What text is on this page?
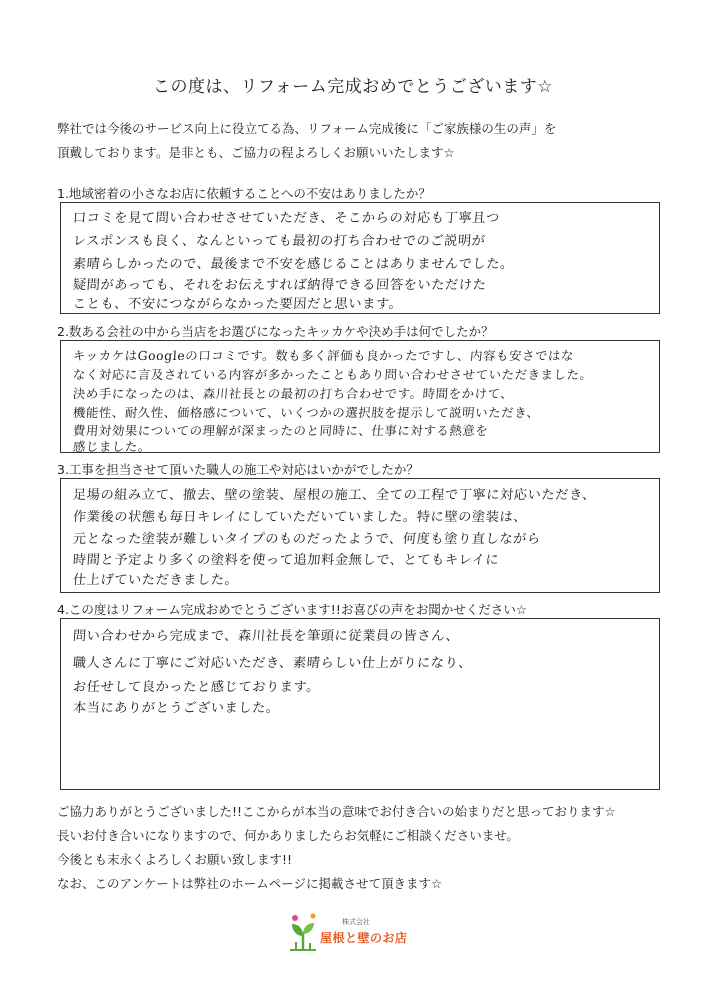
この度は、リフォーム完成おめでとうございます☆
弊社では今後のサービス向上に役立てる為、リフォーム完成後に「ご家族様の生の声」を
頂戴しております。是非とも、ご協力の程よろしくお願いいたします☆
1.地域密着の小さなお店に依頼することへの不安はありましたか？
口コミを見て問い合わせさせていただき、そこからの対応も丁寧且つ
レスポンスも良く、なんといっても最初の打ち合わせでのご説明が
素晴らしかったので、最後まで不安を感じることはありませんでした。
疑問があっても、それをお伝えすれば納得できる回答をいただけた
ことも、不安につながらなかった要因だと思います。
2.数ある会社の中から当店をお選びになったキッカケや決め手は何でしたか？
キッカケはGoogleの口コミです。数も多く評価も良かったですし、内容も安さではな
なく対応に言及されている内容が多かったこともあり問い合わせさせていただきました。
決め手になったのは、森川社長との最初の打ち合わせです。時間をかけて、
機能性、耐久性、価格感について、いくつかの選択肢を提示して説明いただき、
費用対効果についての理解が深まったのと同時に、仕事に対する熱意を
感じました。
3.工事を担当させて頂いた職人の施工や対応はいかがでしたか？
足場の組み立て、撤去、壁の塗装、屋根の施工、全ての工程で丁寧に対応いただき、
作業後の状態も毎日キレイにしていただいていました。特に壁の塗装は、
元となった塗装が難しいタイプのものだったようで、何度も塗り直しながら
時間と予定より多くの塗料を使って追加料金無しで、とてもキレイに
仕上げていただきました。
4.この度はリフォーム完成おめでとうございます!!お喜びの声をお聞かせください☆
問い合わせから完成まで、森川社長を筆頭に従業員の皆さん、
職人さんに丁寧にご対応いただき、素晴らしい仕上がりになり、
お任せして良かったと感じております。
本当にありがとうございました。
ご協力ありがとうございました!!ここからが本当の意味でお付き合いの始まりだと思っております☆
長いお付き合いになりますので、何かありましたらお気軽にご相談くださいませ。
今後とも末永くよろしくお願い致します!!
なお、このアンケートは弊社のホームページに掲載させて頂きます☆
株式会社
屋根と壁のお店
